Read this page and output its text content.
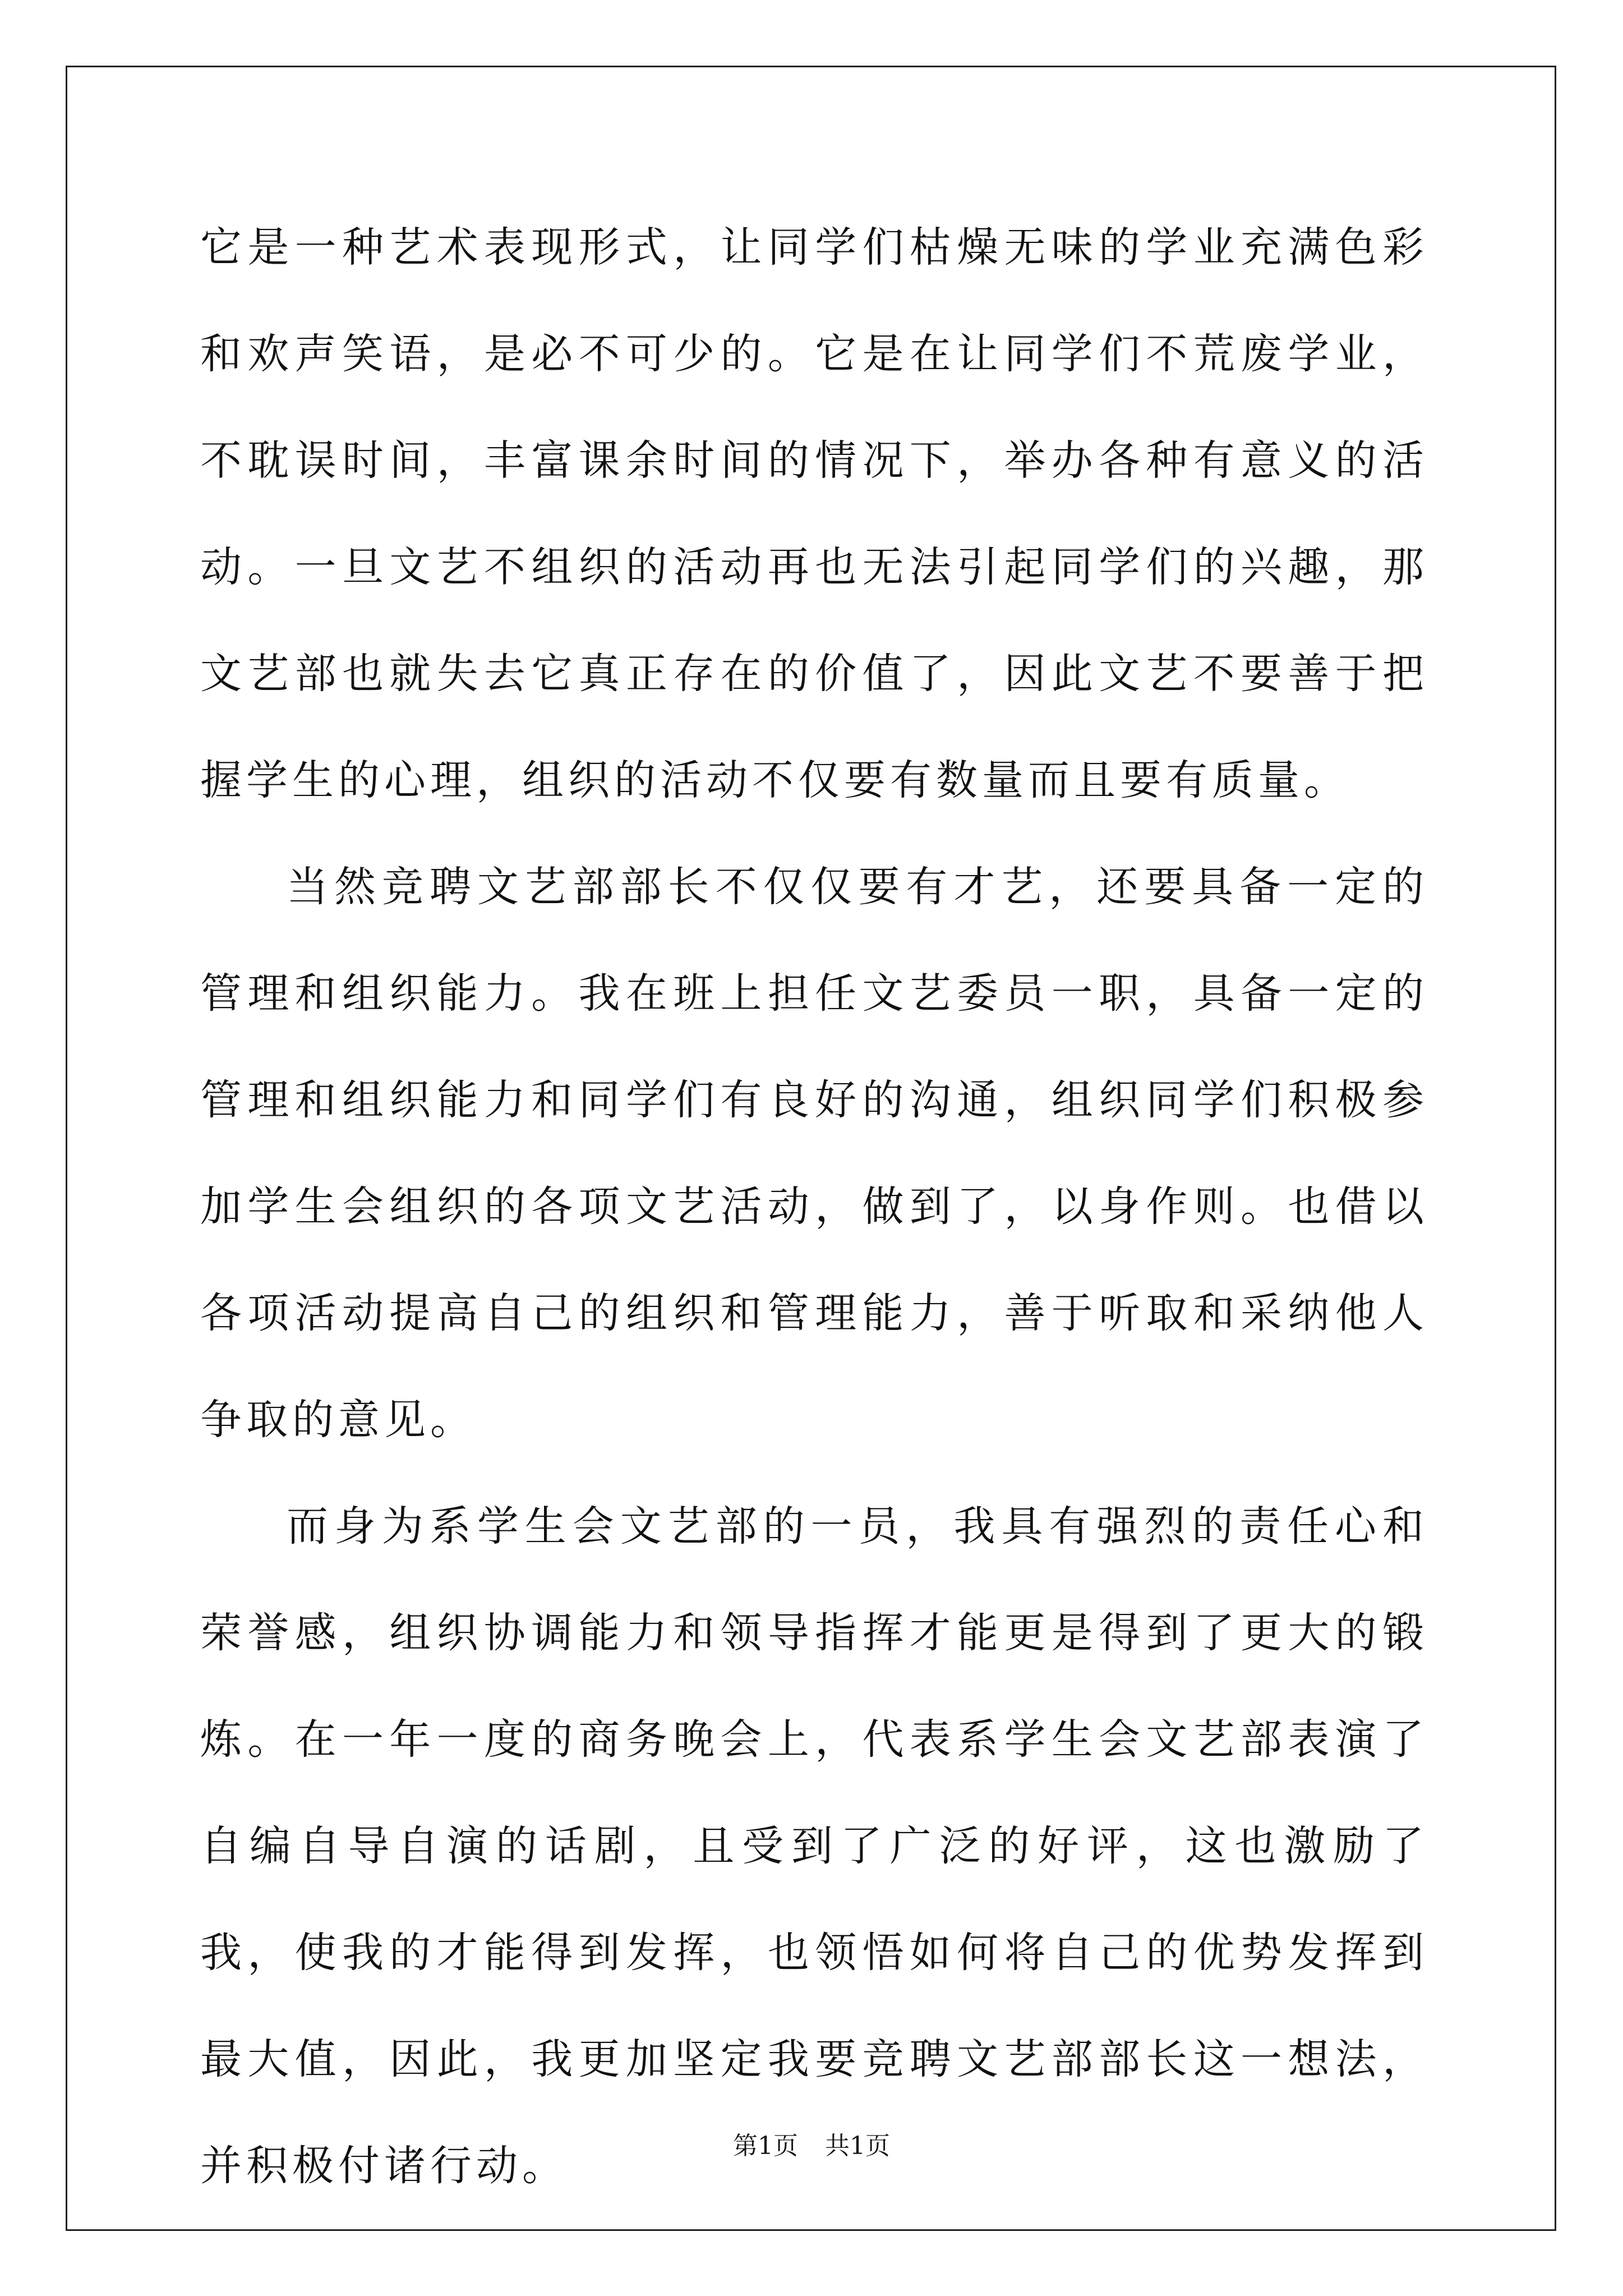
它是一种艺术表现形式，让同学们枯燥无味的学业充满色彩和欢声笑语，是必不可少的。它是在让同学们不荒废学业，不耽误时间，丰富课余时间的情况下，举办各种有意义的活动。一旦文艺不组织的活动再也无法引起同学们的兴趣，那文艺部也就失去它真正存在的价值了，因此文艺不要善于把握学生的心理，组织的活动不仅要有数量而且要有质量。

当然竞聘文艺部部长不仅仅要有才艺，还要具备一定的管理和组织能力。我在班上担任文艺委员一职，具备一定的管理和组织能力和同学们有良好的沟通，组织同学们积极参加学生会组织的各项文艺活动，做到了，以身作则。也借以各项活动提高自己的组织和管理能力，善于听取和采纳他人争取的意见。

而身为系学生会文艺部的一员，我具有强烈的责任心和荣誉感，组织协调能力和领导指挥才能更是得到了更大的锻炼。在一年一度的商务晚会上，代表系学生会文艺部表演了自编自导自演的话剧，且受到了广泛的好评，这也激励了我，使我的才能得到发挥，也领悟如何将自己的优势发挥到最大值，因此，我更加坚定我要竞聘文艺部部长这一想法，并积极付诸行动。	第1页 共1页
